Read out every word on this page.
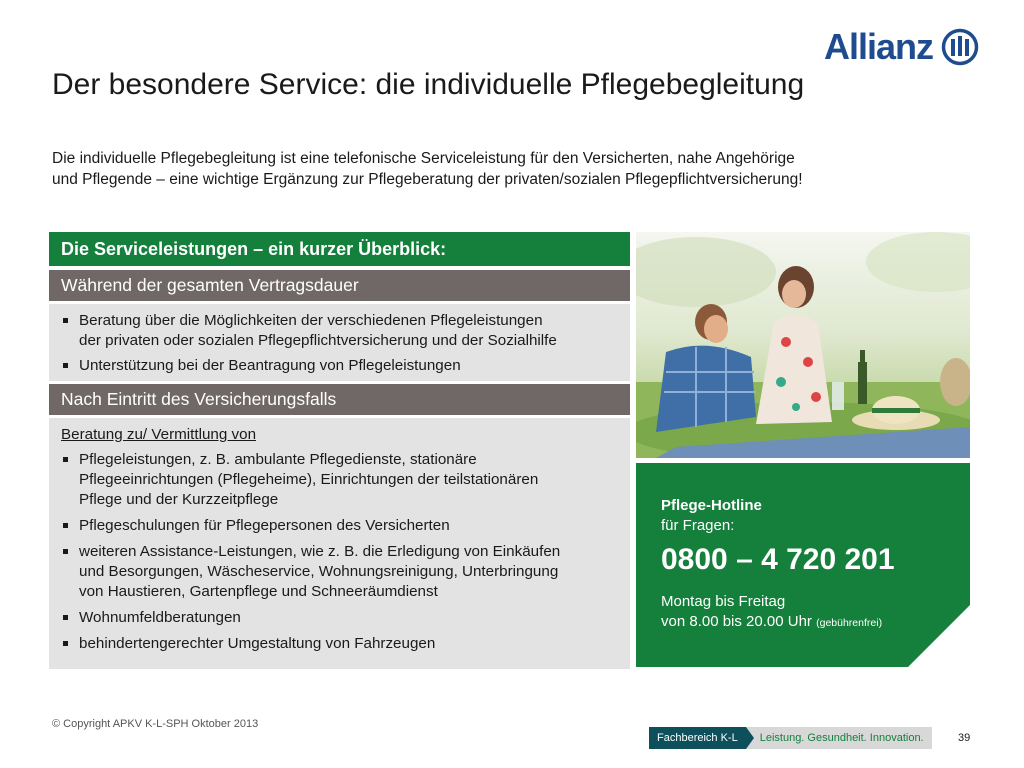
Allianz
Der besondere Service: die individuelle Pflegebegleitung
Die individuelle Pflegebegleitung ist eine telefonische Serviceleistung für den Versicherten, nahe Angehörige
und Pflegende – eine wichtige Ergänzung zur Pflegeberatung der privaten/sozialen Pflegepflichtversicherung!
Die Serviceleistungen – ein kurzer Überblick:
Während der gesamten Vertragsdauer
Beratung über die Möglichkeiten der verschiedenen Pflegeleistungen
der privaten oder sozialen Pflegepflichtversicherung und der Sozialhilfe
Unterstützung bei der Beantragung von Pflegeleistungen
Nach Eintritt des Versicherungsfalls
Beratung zu/ Vermittlung von
Pflegeleistungen, z. B. ambulante Pflegedienste, stationäre
Pflegeeinrichtungen (Pflegeheime), Einrichtungen der teilstationären
Pflege und der Kurzzeitpflege
Pflegeschulungen für Pflegepersonen des Versicherten
weiteren Assistance-Leistungen, wie z. B. die Erledigung von Einkäufen
und Besorgungen, Wäscheservice, Wohnungsreinigung, Unterbringung
von Haustieren, Gartenpflege und Schneeräumdienst
Wohnumfeldberatungen
behindertengerechter Umgestaltung von Fahrzeugen
Pflege-Hotline
für Fragen:
0800 – 4 720 201
Montag bis Freitag
von 8.00 bis 20.00 Uhr (gebührenfrei)
© Copyright APKV K-L-SPH Oktober 2013
Fachbereich K-L	Leistung. Gesundheit. Innovation.	39
